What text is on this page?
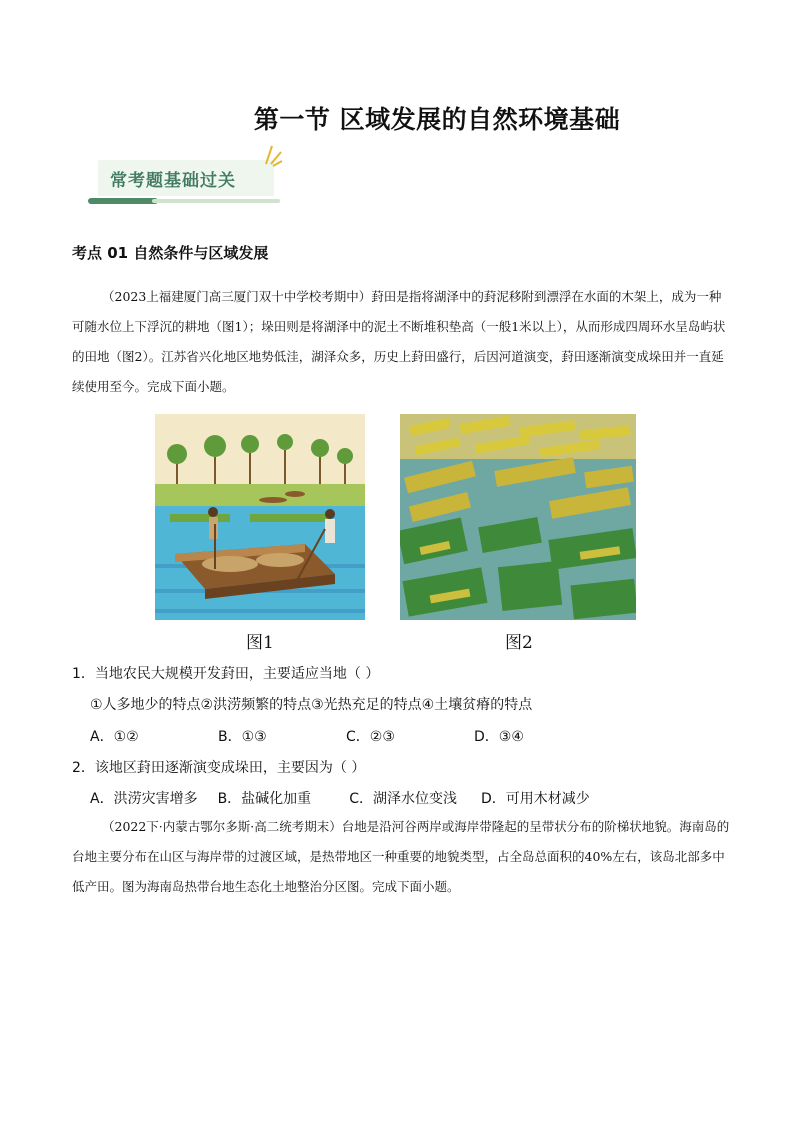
第一节 区域发展的自然环境基础
常考题基础过关
考点 01 自然条件与区域发展
（2023上福建厦门高三厦门双十中学校考期中）葑田是指将湖泽中的葑泥移附到漂浮在水面的木架上，成为一种可随水位上下浮沉的耕地（图1）；垛田则是将湖泽中的泥土不断堆积垫高（一般1米以上），从而形成四周环水呈岛屿状的田地（图2）。江苏省兴化地区地势低洼，湖泽众多，历史上葑田盛行，后因河道演变，葑田逐渐演变成垛田并一直延续使用至今。完成下面小题。
图1	图2
1．当地农民大规模开发葑田，主要适应当地（ ）
①人多地少的特点②洪涝频繁的特点③光热充足的特点④土壤贫瘠的特点
A．①②	B．①③	C．②③	D．③④
2．该地区葑田逐渐演变成垛田，主要因为（ ）
A．洪涝灾害增多 B．盐碱化加重	C．湖泽水位变浅 D．可用木材减少
（2022下·内蒙古鄂尔多斯·高二统考期末）台地是沿河谷两岸或海岸带隆起的呈带状分布的阶梯状地貌。海南岛的台地主要分布在山区与海岸带的过渡区域，是热带地区一种重要的地貌类型，占全岛总面积的40%左右，该岛北部多中低产田。图为海南岛热带台地生态化土地整治分区图。完成下面小题。
